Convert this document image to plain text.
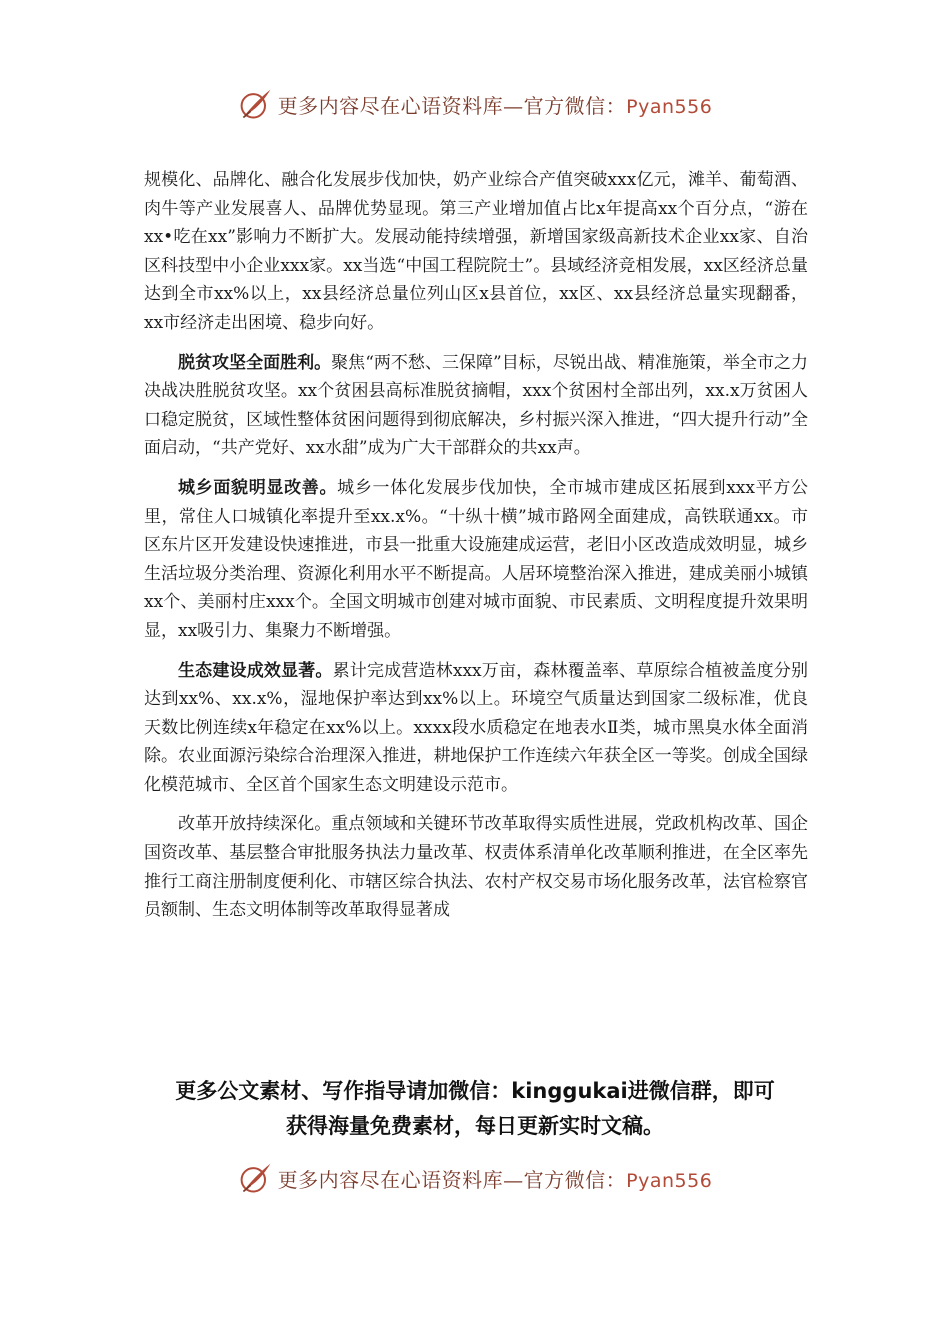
更多内容尽在心语资料库—官方微信：Pyan556

规模化、品牌化、融合化发展步伐加快，奶产业综合产值突破xxx亿元，滩羊、葡萄酒、肉牛等产业发展喜人、品牌优势显现。第三产业增加值占比x年提高xx个百分点，“游在xx•吃在xx”影响力不断扩大。发展动能持续增强，新增国家级高新技术企业xx家、自治区科技型中小企业xxx家。xx当选“中国工程院院士”。县域经济竞相发展，xx区经济总量达到全市xx%以上，xx县经济总量位列山区x县首位，xx区、xx县经济总量实现翻番，xx市经济走出困境、稳步向好。

脱贫攻坚全面胜利。聚焦“两不愁、三保障”目标，尽锐出战、精准施策，举全市之力决战决胜脱贫攻坚。xx个贫困县高标准脱贫摘帽，xxx个贫困村全部出列，xx.x万贫困人口稳定脱贫，区域性整体贫困问题得到彻底解决，乡村振兴深入推进，“四大提升行动”全面启动，“共产党好、xx水甜”成为广大干部群众的共xx声。

城乡面貌明显改善。城乡一体化发展步伐加快，全市城市建成区拓展到xxx平方公里，常住人口城镇化率提升至xx.x%。“十纵十横”城市路网全面建成，高铁联通xx。市区东片区开发建设快速推进，市县一批重大设施建成运营，老旧小区改造成效明显，城乡生活垃圾分类治理、资源化利用水平不断提高。人居环境整治深入推进，建成美丽小城镇xx个、美丽村庄xxx个。全国文明城市创建对城市面貌、市民素质、文明程度提升效果明显，xx吸引力、集聚力不断增强。

生态建设成效显著。累计完成营造林xxx万亩，森林覆盖率、草原综合植被盖度分别达到xx%、xx.x%，湿地保护率达到xx%以上。环境空气质量达到国家二级标准，优良天数比例连续x年稳定在xx%以上。xxxx段水质稳定在地表水Ⅱ类，城市黑臭水体全面消除。农业面源污染综合治理深入推进，耕地保护工作连续六年获全区一等奖。创成全国绿化模范城市、全区首个国家生态文明建设示范市。

改革开放持续深化。重点领域和关键环节改革取得实质性进展，党政机构改革、国企国资改革、基层整合审批服务执法力量改革、权责体系清单化改革顺利推进，在全区率先推行工商注册制度便利化、市辖区综合执法、农村产权交易市场化服务改革，法官检察官员额制、生态文明体制等改革取得显著成

更多公文素材、写作指导请加微信：kinggukai进微信群，即可
获得海量免费素材，每日更新实时文稿。
更多内容尽在心语资料库—官方微信：Pyan556
